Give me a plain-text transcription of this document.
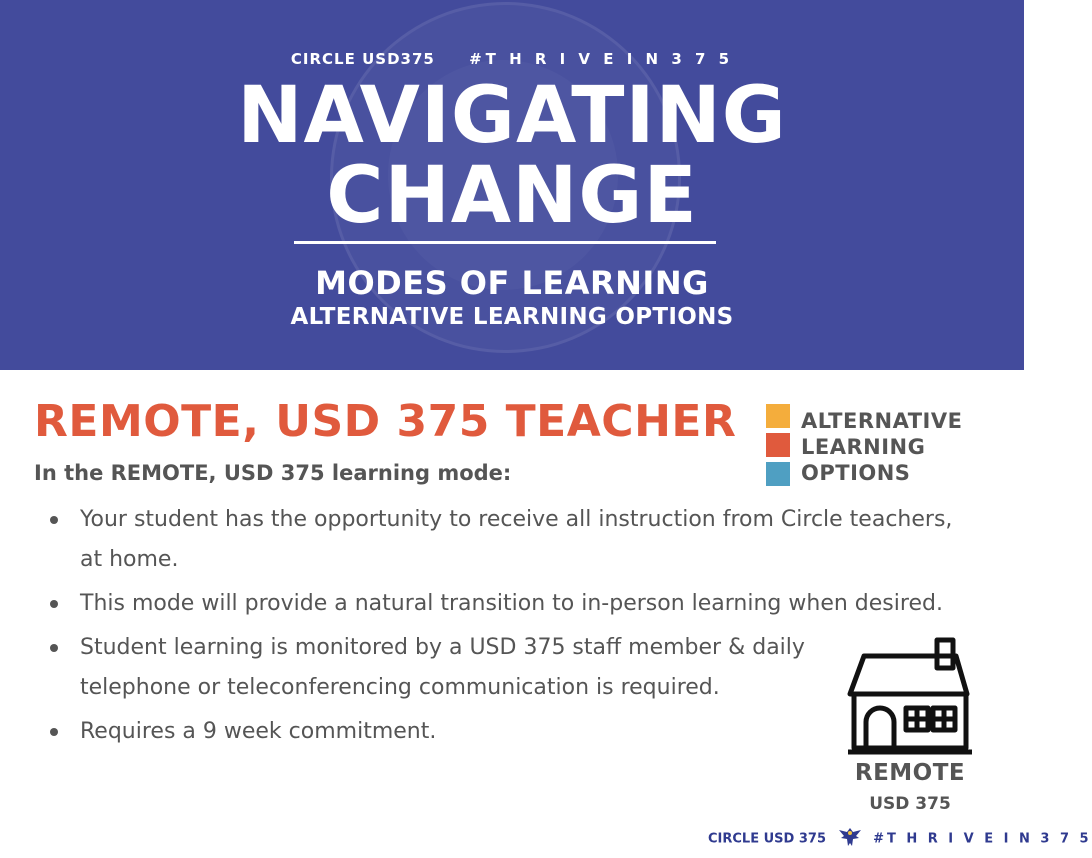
CIRCLE USD375 #T H R I V E I N 3 7 5
NAVIGATING
CHANGE
MODES OF LEARNING
ALTERNATIVE LEARNING OPTIONS
REMOTE, USD 375 TEACHER
In the REMOTE, USD 375 learning mode:
Your student has the opportunity to receive all instruction from Circle teachers, at home.
This mode will provide a natural transition to in-person learning when desired.
Student learning is monitored by a USD 375 staff member & daily telephone or teleconferencing communication is required.
Requires a 9 week commitment.
ALTERNATIVE
LEARNING
OPTIONS
REMOTE
USD 375
CIRCLE USD 375	#T H R I V E I N 3 7 5
